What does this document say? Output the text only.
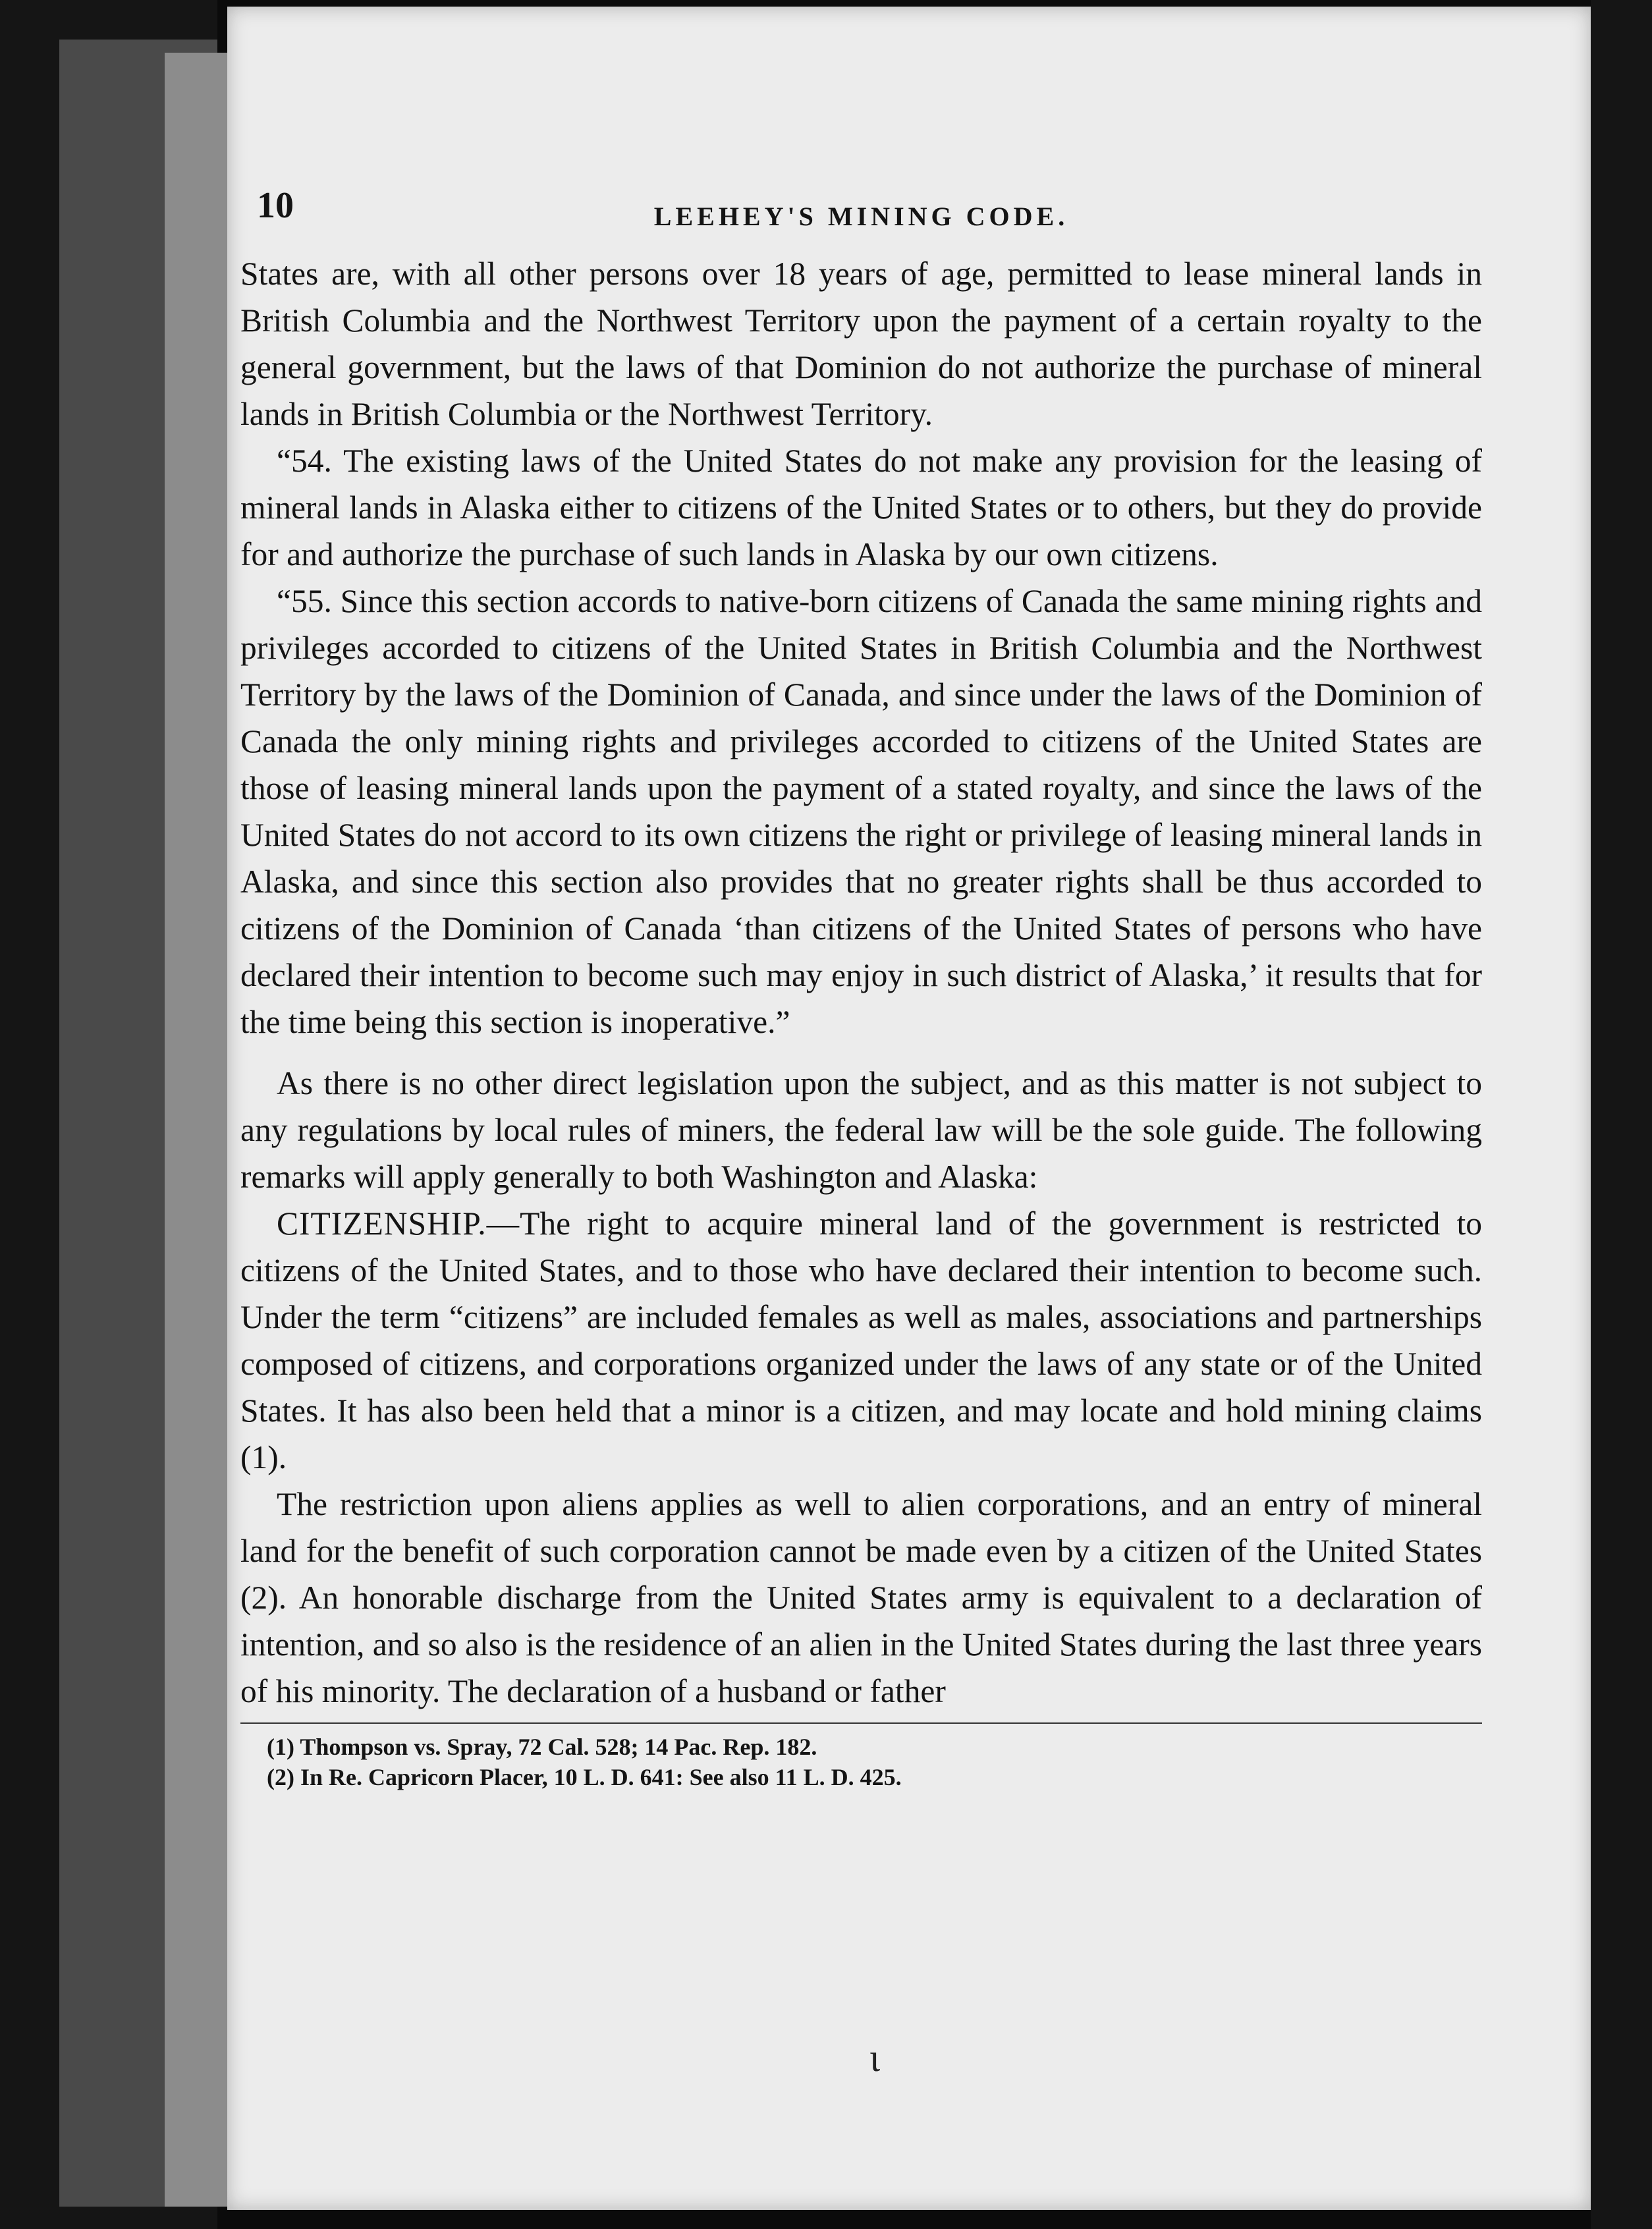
10	LEEHEY'S MINING CODE.

States are, with all other persons over 18 years of age, permitted to lease mineral lands in British Columbia and the Northwest Territory upon the payment of a certain royalty to the general government, but the laws of that Dominion do not authorize the purchase of mineral lands in British Columbia or the Northwest Territory.

“54. The existing laws of the United States do not make any provision for the leasing of mineral lands in Alaska either to citizens of the United States or to others, but they do provide for and authorize the purchase of such lands in Alaska by our own citizens.

“55. Since this section accords to native-born citizens of Canada the same mining rights and privileges accorded to citizens of the United States in British Columbia and the Northwest Territory by the laws of the Dominion of Canada, and since under the laws of the Dominion of Canada the only mining rights and privileges accorded to citizens of the United States are those of leasing mineral lands upon the payment of a stated royalty, and since the laws of the United States do not accord to its own citizens the right or privilege of leasing mineral lands in Alaska, and since this section also provides that no greater rights shall be thus accorded to citizens of the Dominion of Canada ‘than citizens of the United States of persons who have declared their intention to become such may enjoy in such district of Alaska,’ it results that for the time being this section is inoperative.”

As there is no other direct legislation upon the subject, and as this matter is not subject to any regulations by local rules of miners, the federal law will be the sole guide. The following remarks will apply generally to both Washington and Alaska:

CITIZENSHIP.—The right to acquire mineral land of the government is restricted to citizens of the United States, and to those who have declared their intention to become such. Under the term “citizens” are included females as well as males, associations and partnerships composed of citizens, and corporations organized under the laws of any state or of the United States. It has also been held that a minor is a citizen, and may locate and hold mining claims (1).

The restriction upon aliens applies as well to alien corporations, and an entry of mineral land for the benefit of such corporation cannot be made even by a citizen of the United States (2). An honorable discharge from the United States army is equivalent to a declaration of intention, and so also is the residence of an alien in the United States during the last three years of his minority. The declaration of a husband or father

(1) Thompson vs. Spray, 72 Cal. 528; 14 Pac. Rep. 182.
(2) In Re. Capricorn Placer, 10 L. D. 641: See also 11 L. D. 425.
ɩ
